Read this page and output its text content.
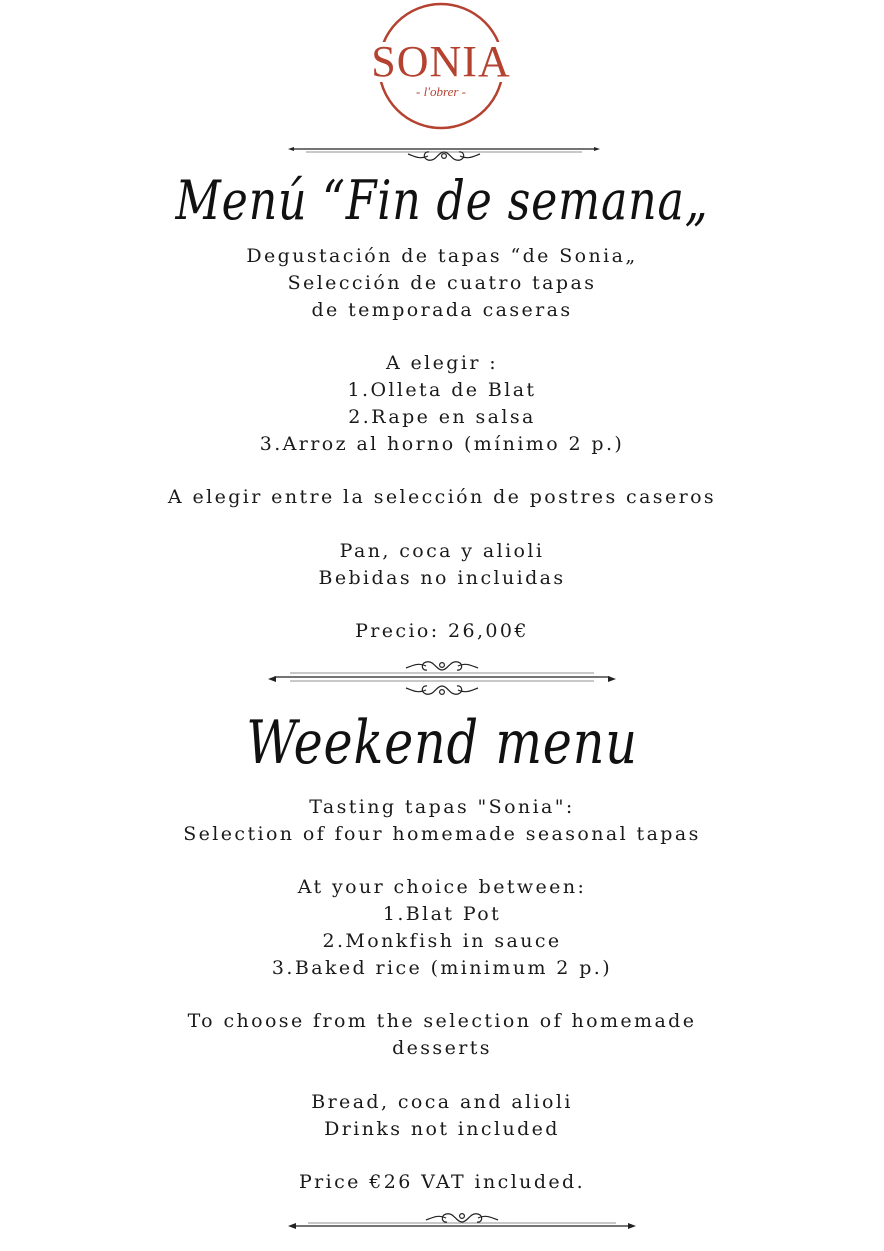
SONIA
- l'obrer -
Menú “Fin de semana„
Degustación de tapas “de Sonia„
Selección de cuatro tapas
de temporada caseras
A elegir :
1.Olleta de Blat
2.Rape en salsa
3.Arroz al horno (mínimo 2 p.)
A elegir entre la selección de postres caseros
Pan, coca y alioli
Bebidas no incluidas
Precio: 26,00€
Weekend menu
Tasting tapas "Sonia":
Selection of four homemade seasonal tapas
At your choice between:
1.Blat Pot
2.Monkfish in sauce
3.Baked rice (minimum 2 p.)
To choose from the selection of homemade
desserts
Bread, coca and alioli
Drinks not included
Price €26 VAT included.
